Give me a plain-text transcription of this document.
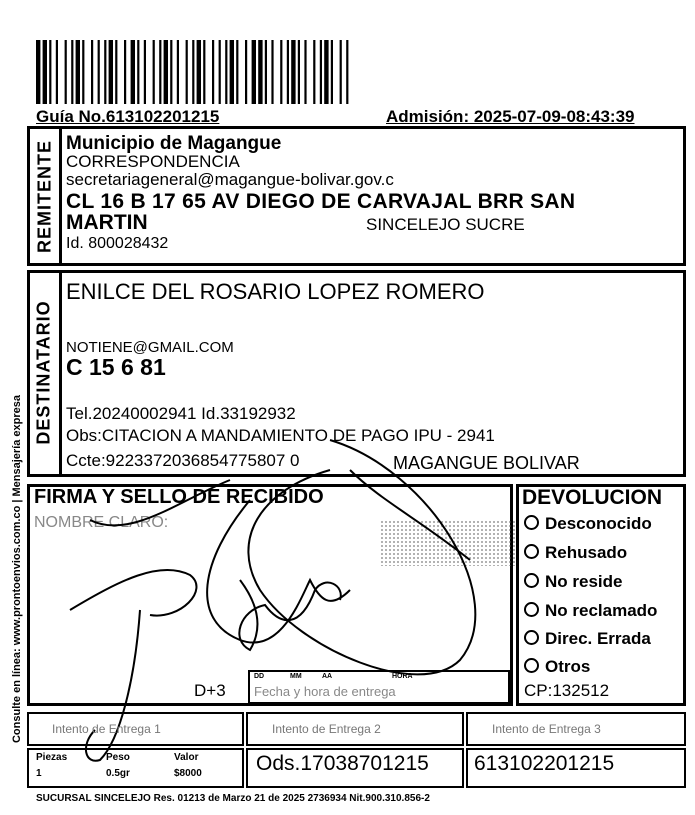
Guía No.613102201215	Admisión: 2025-07-09-08:43:39
Consulte en línea: www.prontoenvios.com.co | Mensajería expresa
REMITENTE Municipio de Magangue
CORRESPONDENCIA
secretariageneral@magangue-bolivar.gov.c
CL 16 B 17 65 AV DIEGO DE CARVAJAL BRR SAN
MARTIN	SINCELEJO SUCRE
Id. 800028432
DESTINATARIO
ENILCE DEL ROSARIO LOPEZ ROMERO
NOTIENE@GMAIL.COM
C 15 6 81
Tel.20240002941 Id.33192932
Obs:CITACION A MANDAMIENTO DE PAGO IPU - 2941
Ccte:9223372036854775807 0	MAGANGUE BOLIVAR
FIRMA Y SELLO DE RECIBIDO
NOMBRE CLARO:
D+3
DD	MM	AA	HORA
Fecha y hora de entrega
DEVOLUCION
Desconocido
Rehusado
No reside
No reclamado
Direc. Errada
Otros
CP:132512
Intento de Entrega 1	Intento de Entrega 2	Intento de Entrega 3
Piezas	Peso	Valor
1	0.5gr	$8000	Ods.17038701215 613102201215
SUCURSAL SINCELEJO Res. 01213 de Marzo 21 de 2025 2736934 Nit.900.310.856-2
